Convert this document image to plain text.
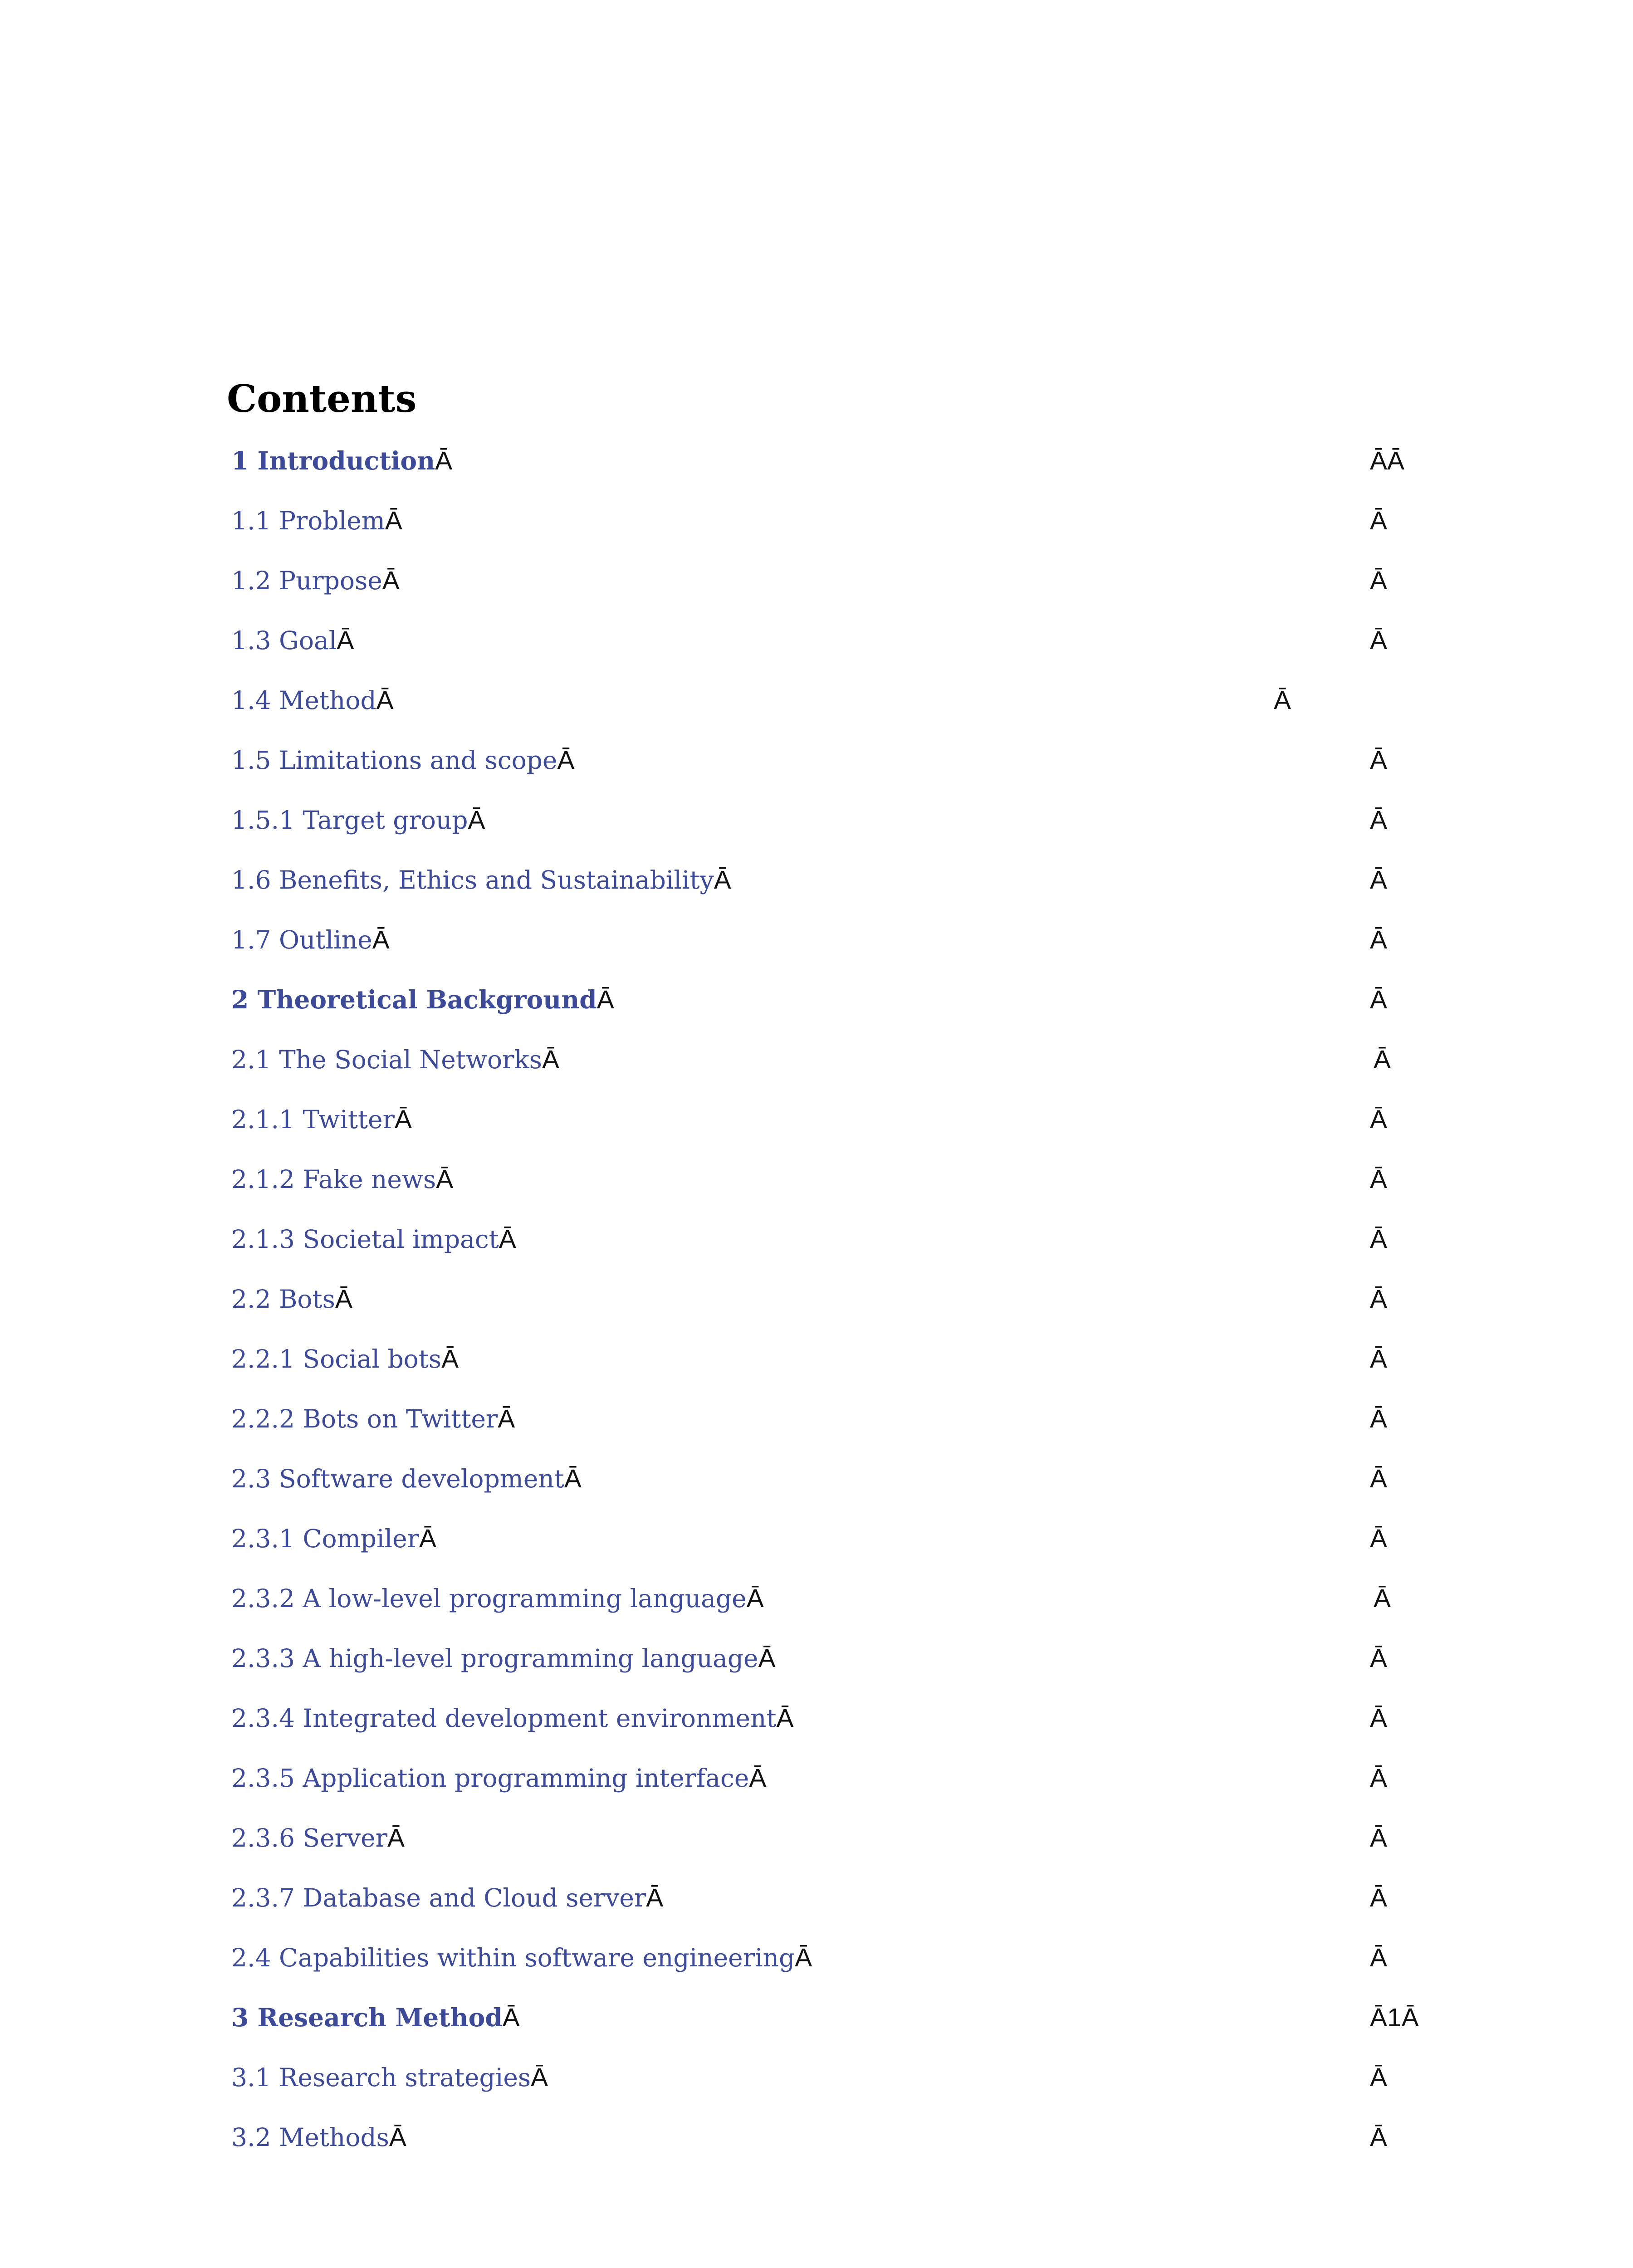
Contents
1 IntroductionĀ	ĀĀ
1.1 ProblemĀ	Ā
1.2 PurposeĀ	Ā
1.3 GoalĀ	Ā
1.4 MethodĀ	Ā
1.5 Limitations and scopeĀ	Ā
1.5.1 Target groupĀ	Ā
1.6 Benefits, Ethics and SustainabilityĀ	Ā
1.7 OutlineĀ	Ā
2 Theoretical BackgroundĀ	Ā
2.1 The Social NetworksĀ	Ā
2.1.1 TwitterĀ	Ā
2.1.2 Fake newsĀ	Ā
2.1.3 Societal impactĀ	Ā
2.2 BotsĀ	Ā
2.2.1 Social botsĀ	Ā
2.2.2 Bots on TwitterĀ	Ā
2.3 Software developmentĀ	Ā
2.3.1 CompilerĀ	Ā
2.3.2 A low-level programming languageĀ	Ā
2.3.3 A high-level programming languageĀ	Ā
2.3.4 Integrated development environmentĀ	Ā
2.3.5 Application programming interfaceĀ	Ā
2.3.6 ServerĀ	Ā
2.3.7 Database and Cloud serverĀ	Ā
2.4 Capabilities within software engineeringĀ	Ā
3 Research MethodĀ	Ā1Ā
3.1 Research strategiesĀ	Ā
3.2 MethodsĀ	Ā
